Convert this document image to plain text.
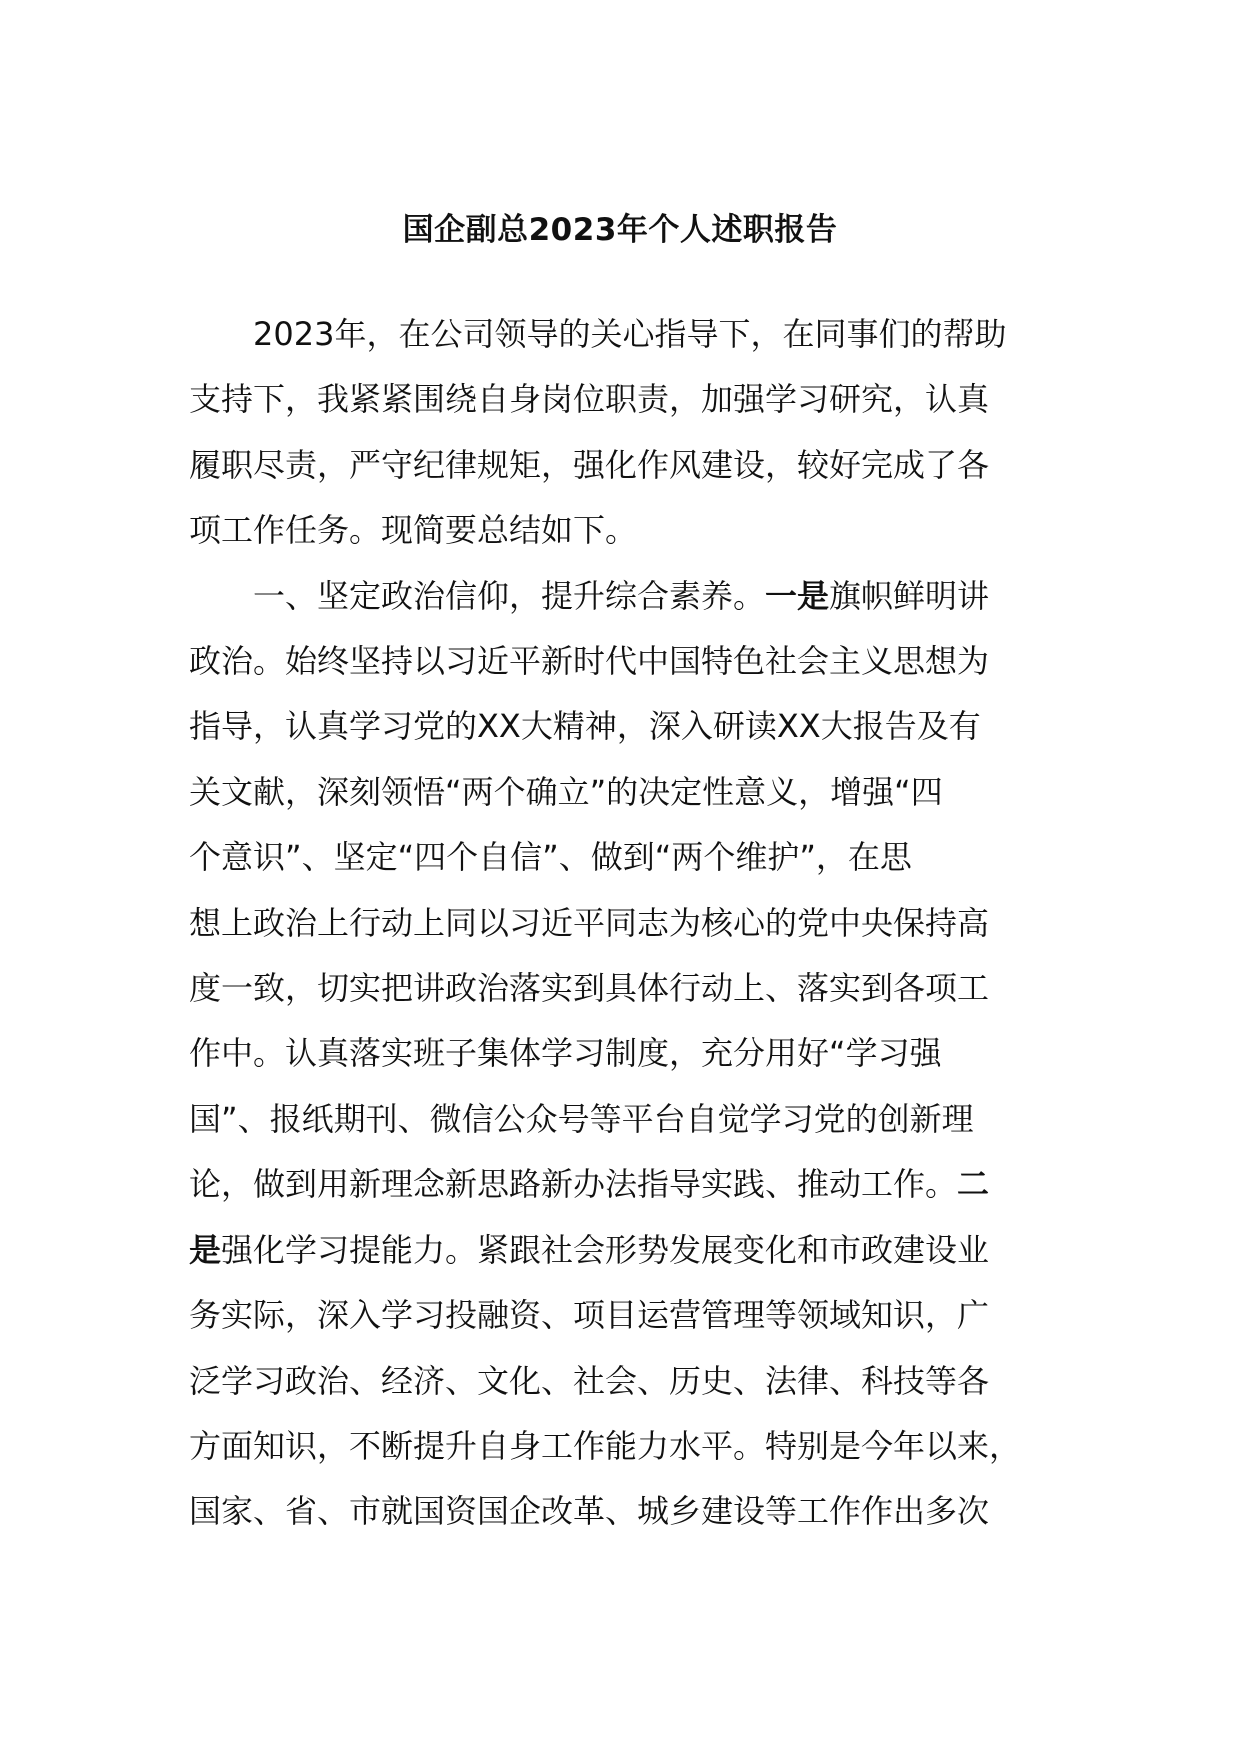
国企副总2023年个人述职报告
2023年，在公司领导的关心指导下，在同事们的帮助
支持下，我紧紧围绕自身岗位职责，加强学习研究，认真
履职尽责，严守纪律规矩，强化作风建设，较好完成了各
项工作任务。现简要总结如下。
一、坚定政治信仰，提升综合素养。一是旗帜鲜明讲
政治。始终坚持以习近平新时代中国特色社会主义思想为
指导，认真学习党的XX大精神，深入研读XX大报告及有
关文献，深刻领悟“两个确立”的决定性意义，增强“四
个意识”、坚定“四个自信”、做到“两个维护”，在思
想上政治上行动上同以习近平同志为核心的党中央保持高
度一致，切实把讲政治落实到具体行动上、落实到各项工
作中。认真落实班子集体学习制度，充分用好“学习强
国”、报纸期刊、微信公众号等平台自觉学习党的创新理
论，做到用新理念新思路新办法指导实践、推动工作。二
是强化学习提能力。紧跟社会形势发展变化和市政建设业
务实际，深入学习投融资、项目运营管理等领域知识，广
泛学习政治、经济、文化、社会、历史、法律、科技等各
方面知识，不断提升自身工作能力水平。特别是今年以来，
国家、省、市就国资国企改革、城乡建设等工作作出多次
